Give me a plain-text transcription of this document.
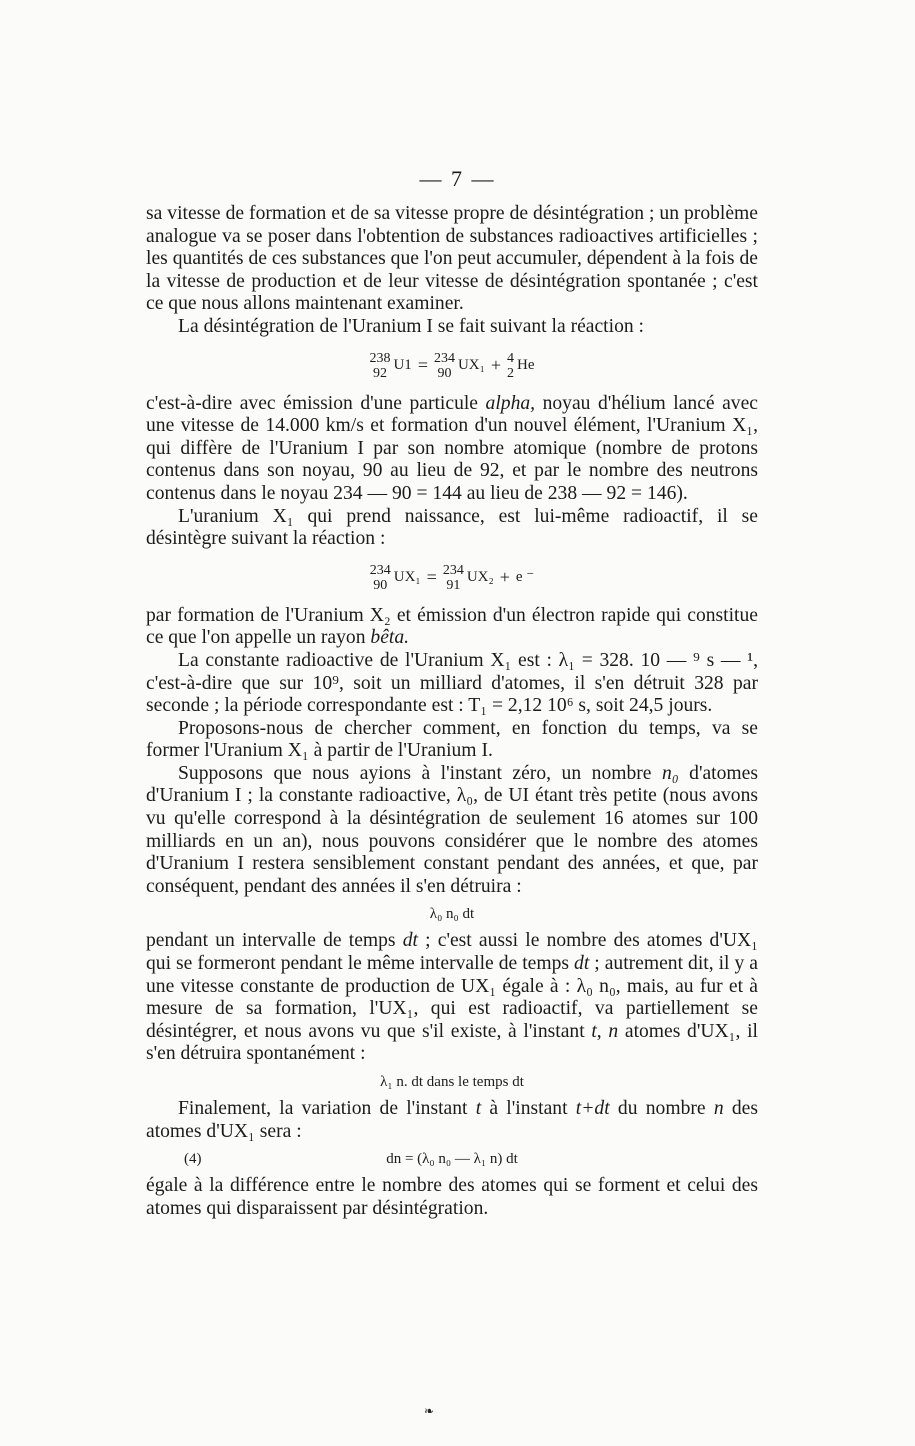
— 7 —

sa vitesse de formation et de sa vitesse propre de désintégration ; un problème analogue va se poser dans l'obtention de substances radioactives artificielles ; les quantités de ces substances que l'on peut accumuler, dépendent à la fois de la vitesse de production et de leur vitesse de désintégration spontanée ; c'est ce que nous allons maintenant examiner.

La désintégration de l'Uranium I se fait suivant la réaction :

238
92 U1 = 234
90 UX₁ + 4
2 He

c'est-à-dire avec émission d'une particule alpha, noyau d'hélium lancé avec une vitesse de 14.000 km/s et formation d'un nouvel élément, l'Uranium X₁, qui diffère de l'Uranium I par son nombre atomique (nombre de protons contenus dans son noyau, 90 au lieu de 92, et par le nombre des neutrons contenus dans le noyau 234 — 90 = 144 au lieu de 238 — 92 = 146).

L'uranium X₁ qui prend naissance, est lui-même radioactif, il se désintègre suivant la réaction :

234
90 UX₁ = 234
91 UX₂ + e ⁻

par formation de l'Uranium X₂ et émission d'un électron rapide qui constitue ce que l'on appelle un rayon bêta.

La constante radioactive de l'Uranium X₁ est : λ₁ = 328. 10 — ⁹ s — ¹, c'est-à-dire que sur 10⁹, soit un milliard d'atomes, il s'en détruit 328 par seconde ; la période correspondante est : T₁ = 2,12 10⁶ s, soit 24,5 jours.

Proposons-nous de chercher comment, en fonction du temps, va se former l'Uranium X₁ à partir de l'Uranium I.

Supposons que nous ayions à l'instant zéro, un nombre n₀ d'atomes d'Uranium I ; la constante radioactive, λ₀, de UI étant très petite (nous avons vu qu'elle correspond à la désintégration de seulement 16 atomes sur 100 milliards en un an), nous pouvons considérer que le nombre des atomes d'Uranium I restera sensiblement constant pendant des années, et que, par conséquent, pendant des années il s'en détruira :

λ₀ n₀ dt

pendant un intervalle de temps dt ; c'est aussi le nombre des atomes d'UX₁ qui se formeront pendant le même intervalle de temps dt ; autrement dit, il y a une vitesse constante de production de UX₁ égale à : λ₀ n₀, mais, au fur et à mesure de sa formation, l'UX₁, qui est radioactif, va partiellement se désintégrer, et nous avons vu que s'il existe, à l'instant t, n atomes d'UX₁, il s'en détruira spontanément :

λ₁ n. dt dans le temps dt

Finalement, la variation de l'instant t à l'instant t+dt du nombre n des atomes d'UX₁ sera :

(4)	dn = (λ₀ n₀ — λ₁ n) dt

égale à la différence entre le nombre des atomes qui se forment et celui des atomes qui disparaissent par désintégration.

❧
